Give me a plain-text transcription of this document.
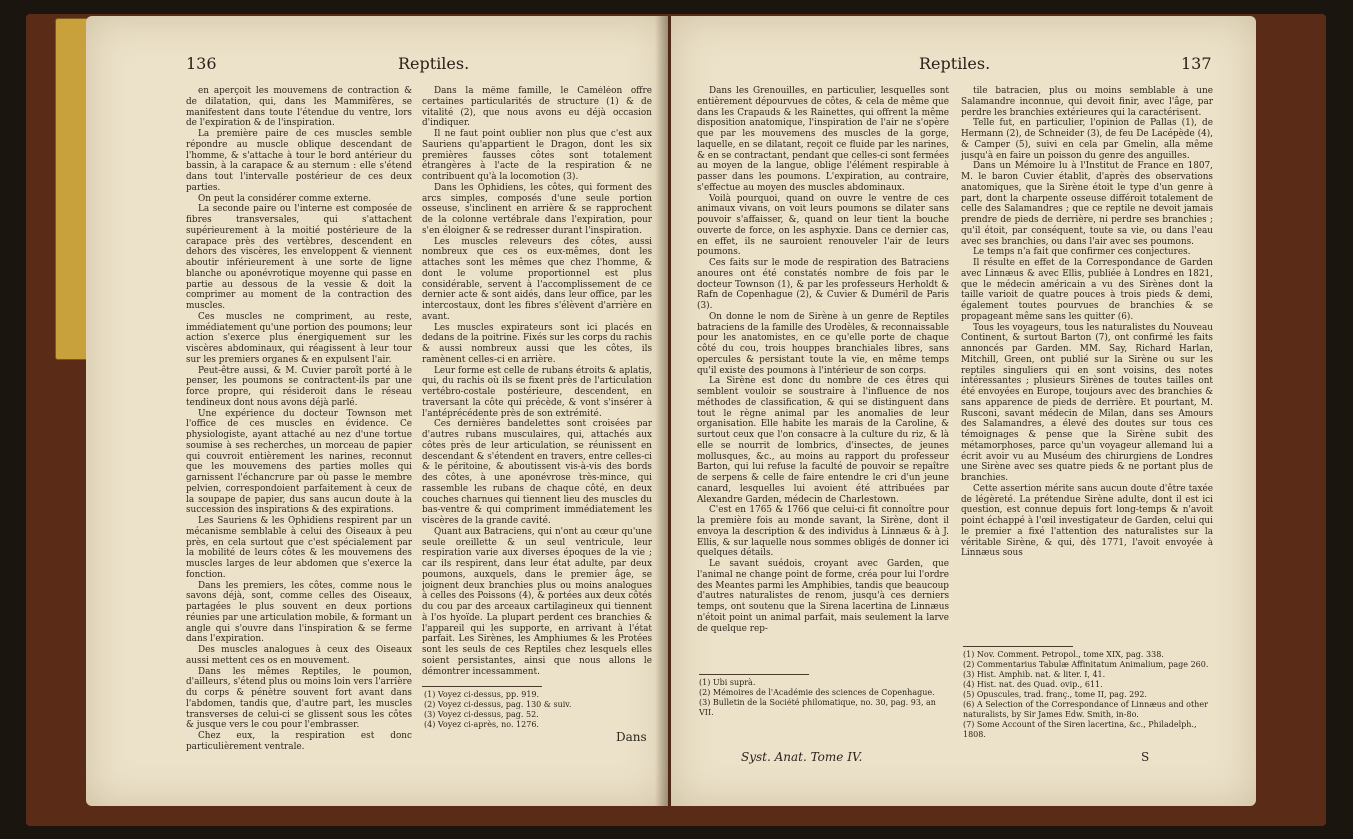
136	Reptiles.

en aperçoit les mouvemens de contraction & de dilatation, qui, dans les Mammifères, se manifestent dans toute l'étendue du ventre, lors de l'expiration & de l'inspiration.

La première paire de ces muscles semble répondre au muscle oblique descendant de l'homme, & s'attache à tour le bord antérieur du bassin, à la carapace & au sternum : elle s'étend dans tout l'intervalle postérieur de ces deux parties.

On peut la considérer comme externe.

La seconde paire ou l'interne est composée de fibres transversales, qui s'attachent supérieurement à la moitié postérieure de la carapace près des vertèbres, descendent en dehors des viscères, les enveloppent & viennent aboutir inférieurement à une sorte de ligne blanche ou aponévrotique moyenne qui passe en partie au dessous de la vessie & doit la comprimer au moment de la contraction des muscles.

Ces muscles ne compriment, au reste, immédiatement qu'une portion des poumons; leur action s'exerce plus énergiquement sur les viscères abdominaux, qui réagissent à leur tour sur les premiers organes & en expulsent l'air.

Peut-être aussi, & M. Cuvier paroît porté à le penser, les poumons se contractent-ils par une force propre, qui résideroit dans le réseau tendineux dont nous avons déjà parlé.

Une expérience du docteur Townson met l'office de ces muscles en évidence. Ce physiologiste, ayant attaché au nez d'une tortue soumise à ses recherches, un morceau de papier qui couvroit entièrement les narines, reconnut que les mouvemens des parties molles qui garnissent l'échancrure par où passe le membre pelvien, correspondoient parfaitement à ceux de la soupape de papier, dus sans aucun doute à la succession des inspirations & des expirations.

Les Sauriens & les Ophidiens respirent par un mécanisme semblable à celui des Oiseaux à peu près, en cela surtout que c'est spécialement par la mobilité de leurs côtes & les mouvemens des muscles larges de leur abdomen que s'exerce la fonction.

Dans les premiers, les côtes, comme nous le savons déjà, sont, comme celles des Oiseaux, partagées le plus souvent en deux portions réunies par une articulation mobile, & formant un angle qui s'ouvre dans l'inspiration & se ferme dans l'expiration.

Des muscles analogues à ceux des Oiseaux aussi mettent ces os en mouvement.

Dans les mêmes Reptiles, le poumon, d'ailleurs, s'étend plus ou moins loin vers l'arrière du corps & pénètre souvent fort avant dans l'abdomen, tandis que, d'autre part, les muscles transverses de celui-ci se glissent sous les côtes & jusque vers le cou pour l'embrasser.

Chez eux, la respiration est donc particulièrement ventrale.

Dans la même famille, le Caméléon offre certaines particularités de structure (1) & de vitalité (2), que nous avons eu déjà occasion d'indiquer.

Il ne faut point oublier non plus que c'est aux Sauriens qu'appartient le Dragon, dont les six premières fausses côtes sont totalement étrangères à l'acte de la respiration & ne contribuent qu'à la locomotion (3).

Dans les Ophidiens, les côtes, qui forment des arcs simples, composés d'une seule portion osseuse, s'inclinent en arrière & se rapprochent de la colonne vertébrale dans l'expiration, pour s'en éloigner & se redresser durant l'inspiration.

Les muscles releveurs des côtes, aussi nombreux que ces os eux-mêmes, dont les attaches sont les mêmes que chez l'homme, & dont le volume proportionnel est plus considérable, servent à l'accomplissement de ce dernier acte & sont aidés, dans leur office, par les intercostaux, dont les fibres s'élèvent d'arrière en avant.

Les muscles expirateurs sont ici placés en dedans de la poitrine. Fixés sur les corps du rachis & aussi nombreux aussi que les côtes, ils ramènent celles-ci en arrière.

Leur forme est celle de rubans étroits & aplatis, qui, du rachis où ils se fixent près de l'articulation vertébro-costale postérieure, descendent, en traversant la côte qui précède, & vont s'insérer à l'antéprécédente près de son extrémité.

Ces dernières bandelettes sont croisées par d'autres rubans musculaires, qui, attachés aux côtes près de leur articulation, se réunissent en descendant & s'étendent en travers, entre celles-ci & le péritoine, & aboutissent vis-à-vis des bords des côtes, à une aponévrose très-mince, qui rassemble les rubans de chaque côté, en deux couches charnues qui tiennent lieu des muscles du bas-ventre & qui compriment immédiatement les viscères de la grande cavité.

Quant aux Batraciens, qui n'ont au cœur qu'une seule oreillette & un seul ventricule, leur respiration varie aux diverses époques de la vie ; car ils respirent, dans leur état adulte, par deux poumons, auxquels, dans le premier âge, se joignent deux branchies plus ou moins analogues à celles des Poissons (4), & portées aux deux côtés du cou par des arceaux cartilagineux qui tiennent à l'os hyoïde. La plupart perdent ces branchies & l'appareil qui les supporte, en arrivant à l'état parfait. Les Sirènes, les Amphiumes & les Protées sont les seuls de ces Reptiles chez lesquels elles soient persistantes, ainsi que nous allons le démontrer incessamment.

(1) Voyez ci-dessus, pp. 919.
(2) Voyez ci-dessus, pag. 130 & suiv.
(3) Voyez ci-dessus, pag. 52.
(4) Voyez ci-après, no. 1276.
Dans
Reptiles.	137

Dans les Grenouilles, en particulier, lesquelles sont entièrement dépourvues de côtes, & cela de même que dans les Crapauds & les Rainettes, qui offrent la même disposition anatomique, l'inspiration de l'air ne s'opère que par les mouvemens des muscles de la gorge, laquelle, en se dilatant, reçoit ce fluide par les narines, & en se contractant, pendant que celles-ci sont fermées au moyen de la langue, oblige l'élément respirable à passer dans les poumons. L'expiration, au contraire, s'effectue au moyen des muscles abdominaux.

Voilà pourquoi, quand on ouvre le ventre de ces animaux vivans, on voit leurs poumons se dilater sans pouvoir s'affaisser, &, quand on leur tient la bouche ouverte de force, on les asphyxie. Dans ce dernier cas, en effet, ils ne sauroient renouveler l'air de leurs poumons.

Ces faits sur le mode de respiration des Batraciens anoures ont été constatés nombre de fois par le docteur Townson (1), & par les professeurs Herholdt & Rafn de Copenhague (2), & Cuvier & Duméril de Paris (3).

On donne le nom de Sirène à un genre de Reptiles batraciens de la famille des Urodèles, & reconnaissable pour les anatomistes, en ce qu'elle porte de chaque côté du cou, trois houppes branchiales libres, sans opercules & persistant toute la vie, en même temps qu'il existe des poumons à l'intérieur de son corps.

La Sirène est donc du nombre de ces êtres qui semblent vouloir se soustraire à l'influence de nos méthodes de classification, & qui se distinguent dans tout le règne animal par les anomalies de leur organisation. Elle habite les marais de la Caroline, & surtout ceux que l'on consacre à la culture du riz, & là elle se nourrit de lombrics, d'insectes, de jeunes mollusques, &c., au moins au rapport du professeur Barton, qui lui refuse la faculté de pouvoir se repaître de serpens & celle de faire entendre le cri d'un jeune canard, lesquelles lui avoient été attribuées par Alexandre Garden, médecin de Charlestown.

C'est en 1765 & 1766 que celui-ci fit connoître pour la première fois au monde savant, la Sirène, dont il envoya la description & des individus à Linnæus & à J. Ellis, & sur laquelle nous sommes obligés de donner ici quelques détails.

Le savant suédois, croyant avec Garden, que l'animal ne change point de forme, créa pour lui l'ordre des Meantes parmi les Amphibies, tandis que beaucoup d'autres naturalistes de renom, jusqu'à ces derniers temps, ont soutenu que la Sirena lacertina de Linnæus n'étoit point un animal parfait, mais seulement la larve de quelque rep-

tile batracien, plus ou moins semblable à une Salamandre inconnue, qui devoit finir, avec l'âge, par perdre les branchies extérieures qui la caractérisent.

Telle fut, en particulier, l'opinion de Pallas (1), de Hermann (2), de Schneider (3), de feu De Lacépède (4), & Camper (5), suivi en cela par Gmelin, alla même jusqu'à en faire un poisson du genre des anguilles.

Dans un Mémoire lu à l'Institut de France en 1807, M. le baron Cuvier établit, d'après des observations anatomiques, que la Sirène étoit le type d'un genre à part, dont la charpente osseuse différoit totalement de celle des Salamandres ; que ce reptile ne devoit jamais prendre de pieds de derrière, ni perdre ses branchies ; qu'il étoit, par conséquent, toute sa vie, ou dans l'eau avec ses branchies, ou dans l'air avec ses poumons.

Le temps n'a fait que confirmer ces conjectures.

Il résulte en effet de la Correspondance de Garden avec Linnæus & avec Ellis, publiée à Londres en 1821, que le médecin américain a vu des Sirènes dont la taille varioit de quatre pouces à trois pieds & demi, également toutes pourvues de branchies & se propageant même sans les quitter (6).

Tous les voyageurs, tous les naturalistes du Nouveau Continent, & surtout Barton (7), ont confirmé les faits annoncés par Garden. MM. Say, Richard Harlan, Mitchill, Green, ont publié sur la Sirène ou sur les reptiles singuliers qui en sont voisins, des notes intéressantes ; plusieurs Sirènes de toutes tailles ont été envoyées en Europe, toujours avec des branchies & sans apparence de pieds de derrière. Et pourtant, M. Rusconi, savant médecin de Milan, dans ses Amours des Salamandres, a élevé des doutes sur tous ces témoignages & pense que la Sirène subit des métamorphoses, parce qu'un voyageur allemand lui a écrit avoir vu au Muséum des chirurgiens de Londres une Sirène avec ses quatre pieds & ne portant plus de branchies.

Cette assertion mérite sans aucun doute d'être taxée de légèreté. La prétendue Sirène adulte, dont il est ici question, est connue depuis fort long-temps & n'avoit point échappé à l'œil investigateur de Garden, celui qui le premier a fixé l'attention des naturalistes sur la véritable Sirène, & qui, dès 1771, l'avoit envoyée à Linnæus sous

(1) Ubi suprà.
(2) Mémoires de l'Académie des sciences de Copenhague.
(3) Bulletin de la Société philomatique, no. 30, pag. 93, an VII.
(1) Nov. Comment. Petropol., tome XIX, pag. 338.
(2) Commentarius Tabulæ Affinitatum Animalium, page 260.
(3) Hist. Amphib. nat. & liter. I, 41.
(4) Hist. nat. des Quad. ovip., 611.
(5) Opuscules, trad. franç., tome II, pag. 292.
(6) A Selection of the Correspondance of Linnæus and other naturalists, by Sir James Edw. Smith, in-8o.
(7) Some Account of the Siren lacertina, &c., Philadelph., 1808.
Syst. Anat. Tome IV.	S
